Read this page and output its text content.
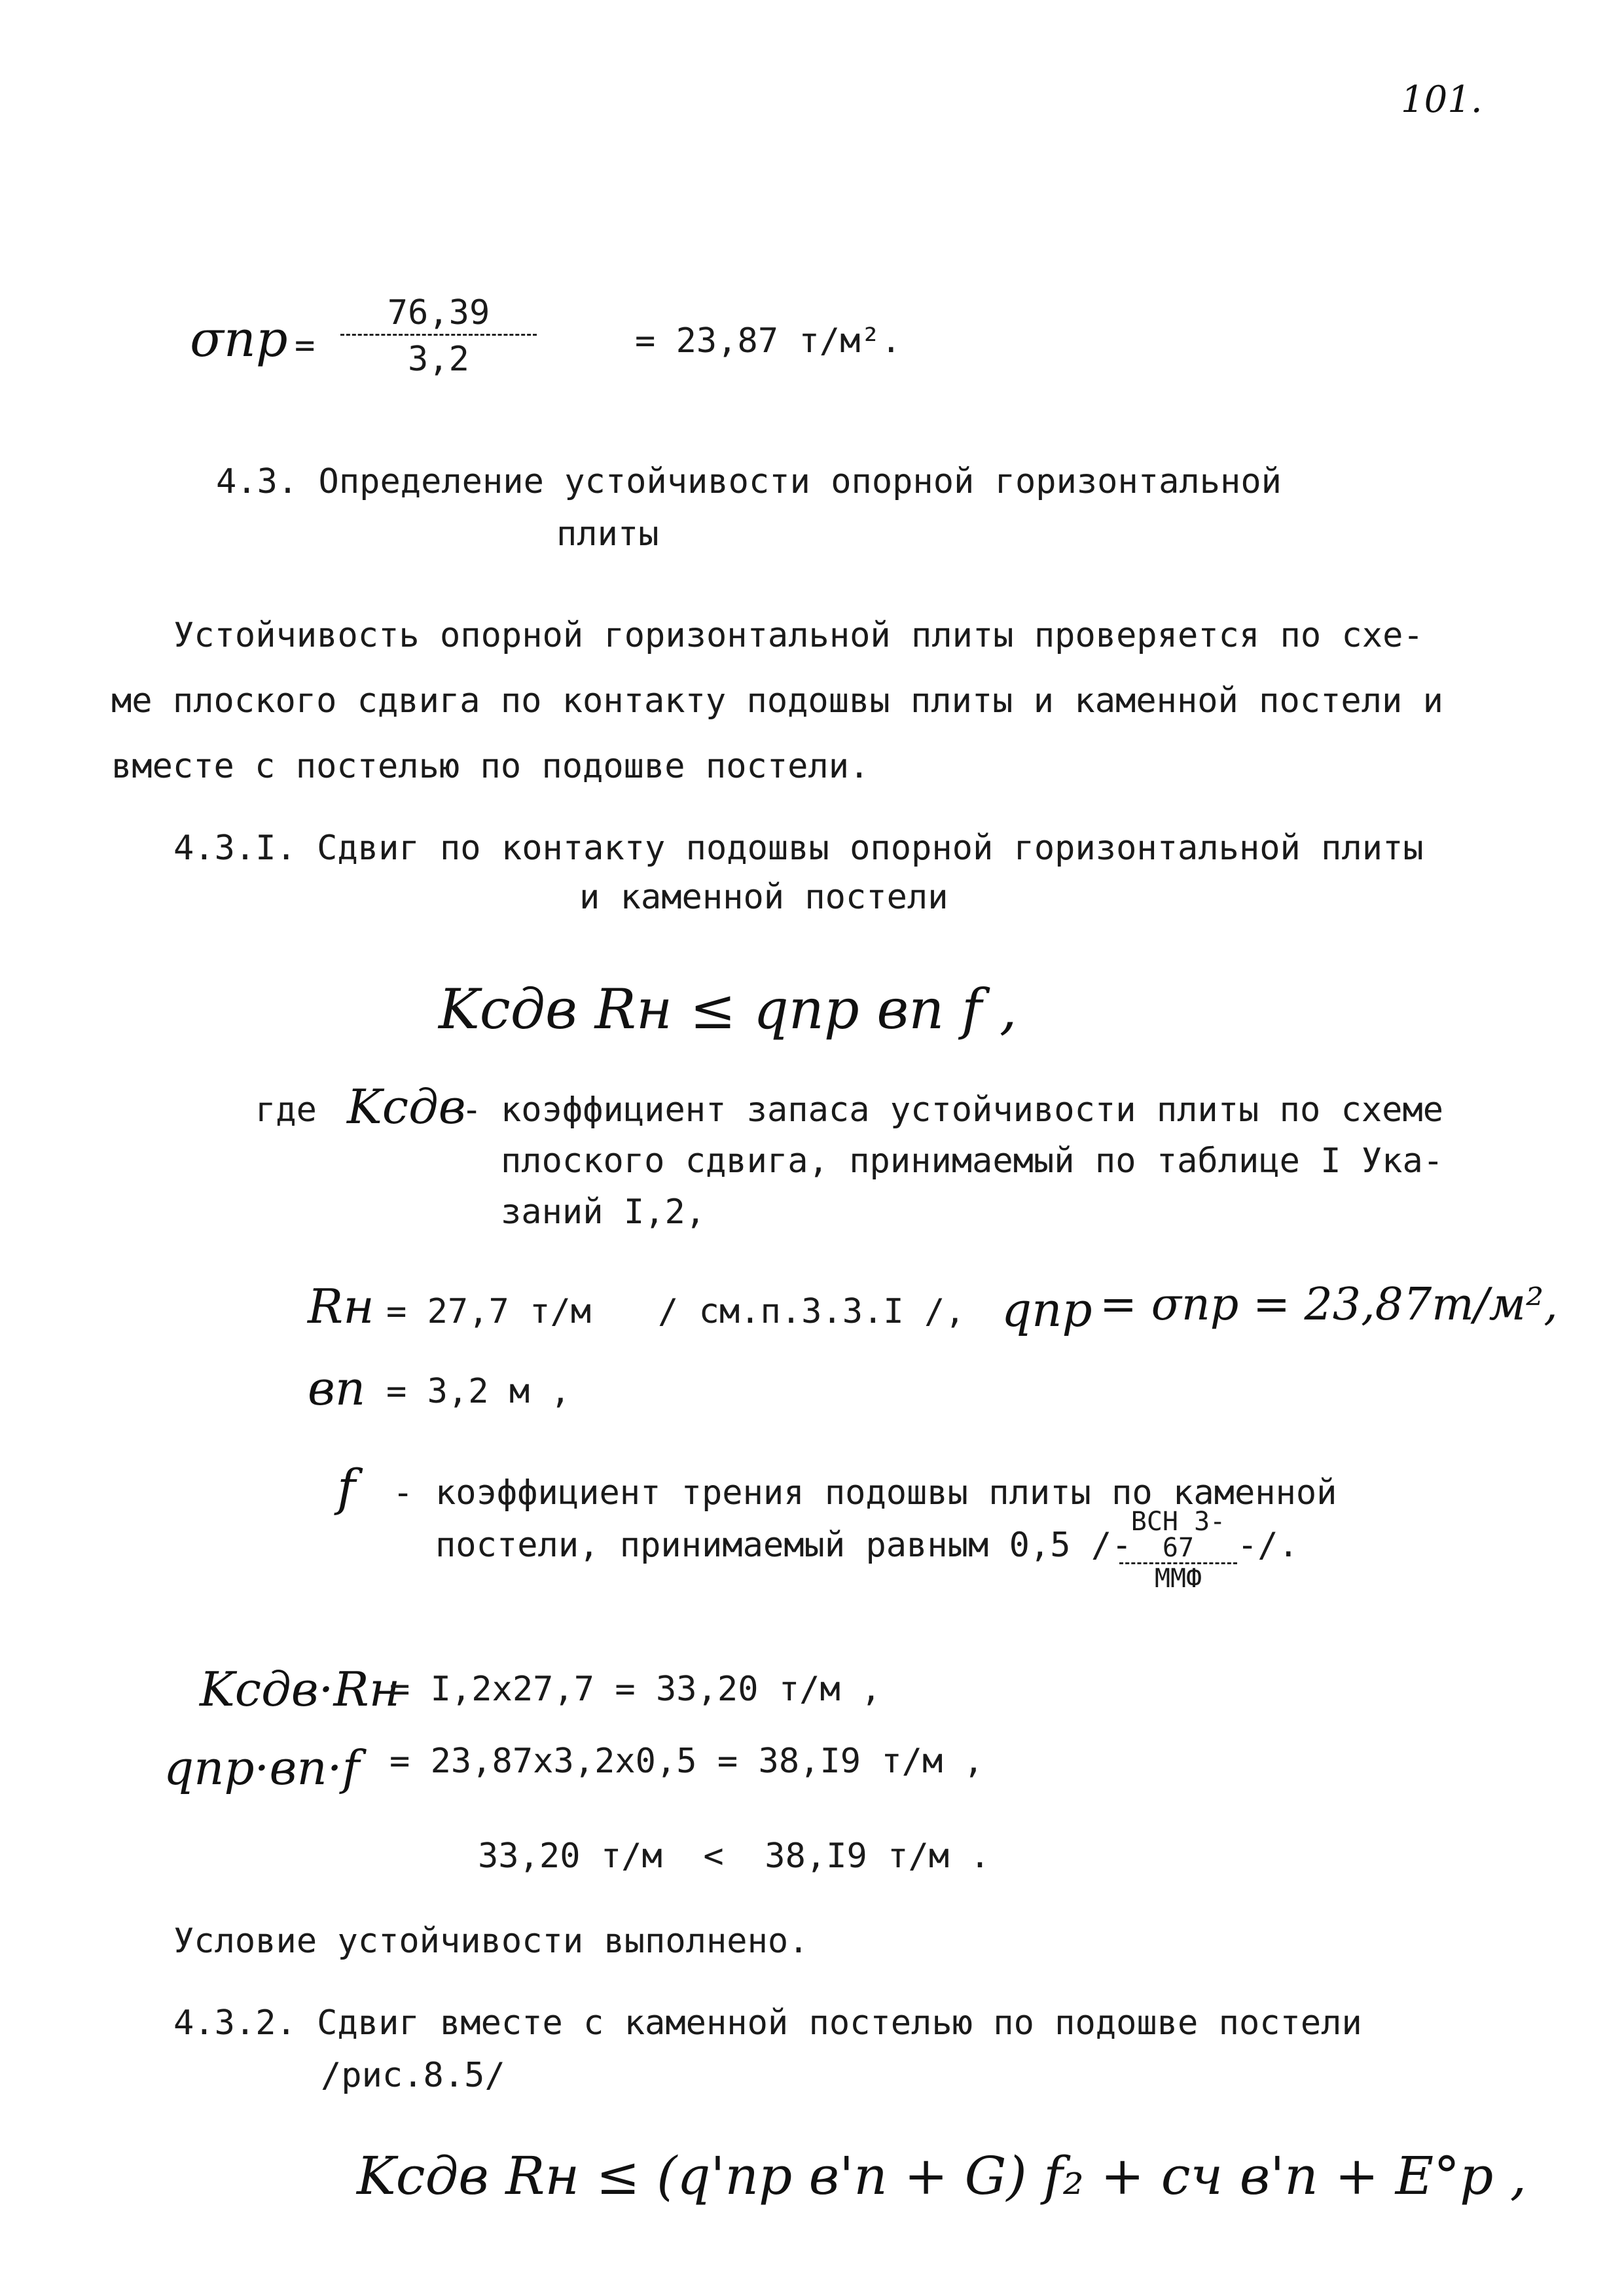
101.
$\sigma пр = \frac{76,39}{3,2}$	= 23,87 т/м².
4.3. Определение устойчивости опорной горизонтальной
плиты
Устойчивость опорной горизонтальной плиты проверяется по схе-
ме плоского сдвига по контакту подошвы плиты и каменной постели и
вместе с постелью по подошве постели.
4.3.I. Сдвиг по контакту подошвы опорной горизонтальной плиты
и каменной постели
Kсдв Rн ≤ qпр вп f ,
где Kсдв
- коэффициент запаса устойчивости плиты по схеме
плоского сдвига, принимаемый по таблице I Ука-
заний I,2,
Rн = 27,7 т/м / см.п.3.3.I /, qпр = σпр = 23,87т/м²,
вп = 3,2 м ,
f - коэффициент трения подошвы плиты по каменной
постели, принимаемый равным 0,5 /-
ВСН 3-67
ММФ
-/.
Kсдв·Rн
= I,2х27,7 = 33,20 т/м ,
qпр·вп·f = 23,87х3,2х0,5 = 38,I9 т/м ,
33,20 т/м  <  38,I9 т/м .
Условие устойчивости выполнено.
4.3.2. Сдвиг вместе с каменной постелью по подошве постели
/рис.8.5/
Kсдв Rн ≤ (q'пр в'п + G) f₂ + cч в'п + E°р ,
